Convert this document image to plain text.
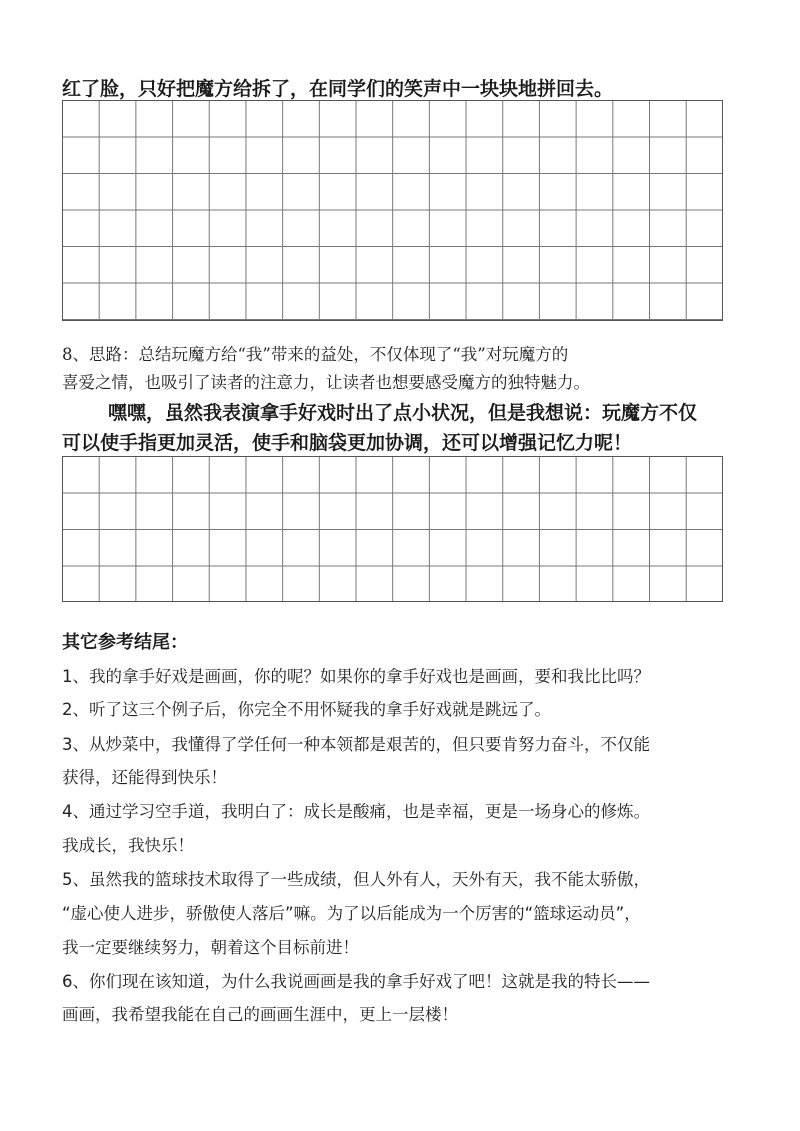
红了脸，只好把魔方给拆了，在同学们的笑声中一块块地拼回去。
8、思路：总结玩魔方给“我”带来的益处，不仅体现了“我”对玩魔方的
喜爱之情，也吸引了读者的注意力，让读者也想要感受魔方的独特魅力。
嘿嘿，虽然我表演拿手好戏时出了点小状况，但是我想说：玩魔方不仅
可以使手指更加灵活，使手和脑袋更加协调，还可以增强记忆力呢！
其它参考结尾：
1、我的拿手好戏是画画，你的呢？如果你的拿手好戏也是画画，要和我比比吗？
2、听了这三个例子后，你完全不用怀疑我的拿手好戏就是跳远了。
3、从炒菜中，我懂得了学任何一种本领都是艰苦的，但只要肯努力奋斗，不仅能
获得，还能得到快乐！
4、通过学习空手道，我明白了：成长是酸痛，也是幸福，更是一场身心的修炼。
我成长，我快乐！
5、虽然我的篮球技术取得了一些成绩，但人外有人，天外有天，我不能太骄傲，
“虚心使人进步，骄傲使人落后”嘛。为了以后能成为一个厉害的“篮球运动员”，
我一定要继续努力，朝着这个目标前进！
6、你们现在该知道，为什么我说画画是我的拿手好戏了吧！这就是我的特长——
画画，我希望我能在自己的画画生涯中，更上一层楼！
